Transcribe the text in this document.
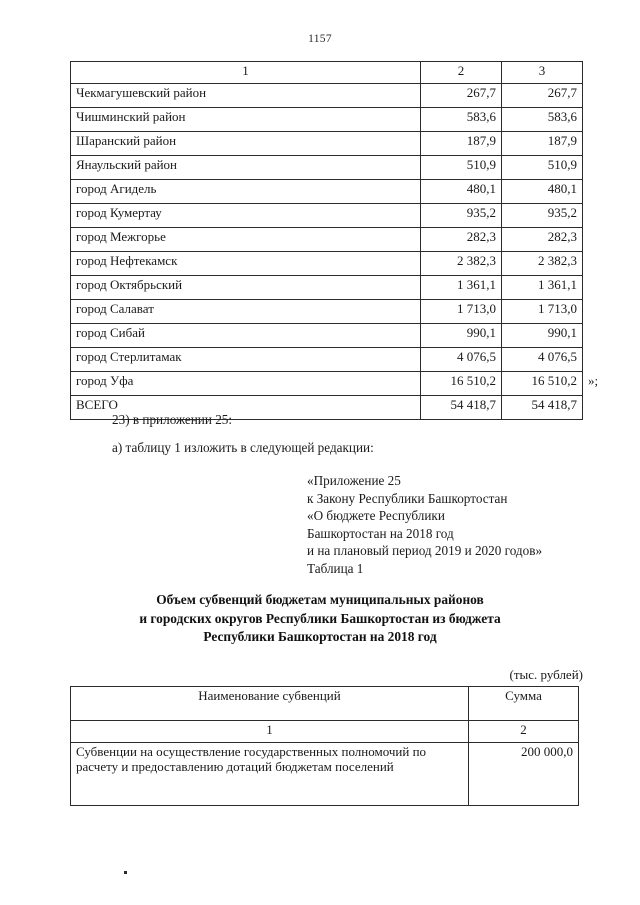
1157
1	2	3
Чекмагушевский район	267,7	267,7
Чишминский район	583,6	583,6
Шаранский район	187,9	187,9
Янаульский район	510,9	510,9
город Агидель	480,1	480,1
город Кумертау	935,2	935,2
город Межгорье	282,3	282,3
город Нефтекамск	2 382,3	2 382,3
город Октябрьский	1 361,1	1 361,1
город Салават	1 713,0	1 713,0
город Сибай	990,1	990,1
город Стерлитамак	4 076,5	4 076,5
город Уфа	16 510,2	16 510,2
ВСЕГО	54 418,7	54 418,7
»;
23) в приложении 25:
а) таблицу 1 изложить в следующей редакции:
«Приложение 25
к Закону Республики Башкортостан
«О бюджете Республики
Башкортостан на 2018 год
и на плановый период 2019 и 2020 годов»
Таблица 1
Объем субвенций бюджетам муниципальных районов
и городских округов Республики Башкортостан из бюджета
Республики Башкортостан на 2018 год
(тыс. рублей)
Наименование субвенций	Сумма
1	2
Субвенции на осуществление государственных полномочий по расчету и предоставлению дотаций бюджетам поселений	200 000,0
